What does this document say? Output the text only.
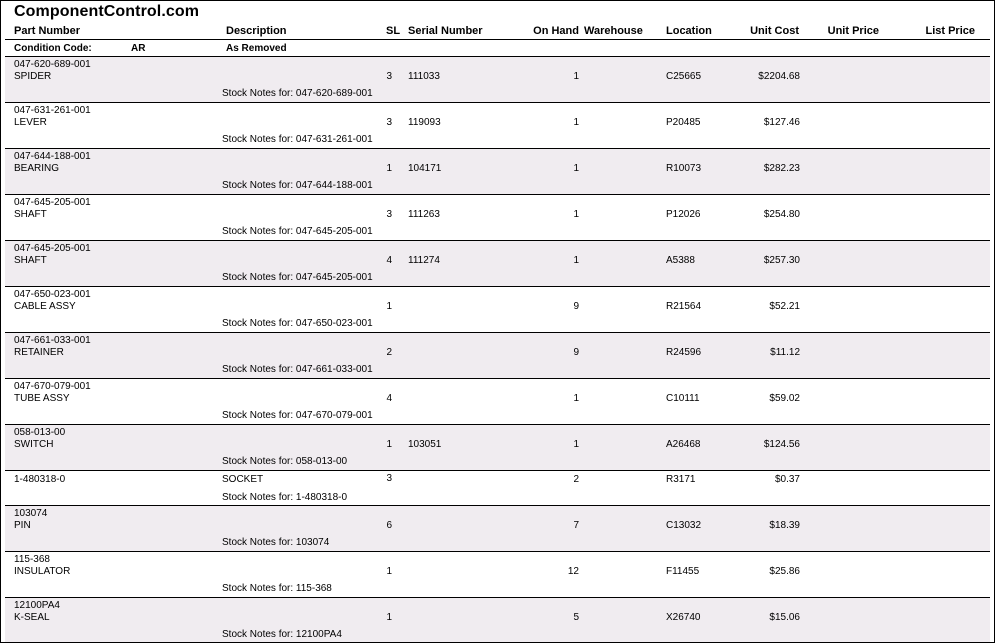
ComponentControl.com
Part Number	Description	SL Serial Number	On Hand Warehouse Location	Unit Cost	Unit Price	List Price
Condition Code:	AR	As Removed
047-620-689-001
SPIDER	3 111033	1	C25665	$2204.68
Stock Notes for: 047-620-689-001
047-631-261-001
LEVER	3 119093	1	P20485	$127.46
Stock Notes for: 047-631-261-001
047-644-188-001
BEARING	1 104171	1	R10073	$282.23
Stock Notes for: 047-644-188-001
047-645-205-001
SHAFT	3 111263	1	P12026	$254.80
Stock Notes for: 047-645-205-001
047-645-205-001
SHAFT	4 111274	1	A5388	$257.30
Stock Notes for: 047-645-205-001
047-650-023-001
CABLE ASSY	1	9	R21564	$52.21
Stock Notes for: 047-650-023-001
047-661-033-001
RETAINER	2	9	R24596	$11.12
Stock Notes for: 047-661-033-001
047-670-079-001
TUBE ASSY	4	1	C10111	$59.02
Stock Notes for: 047-670-079-001
058-013-00
SWITCH	1 103051	1	A26468	$124.56
Stock Notes for: 058-013-00
1-480318-0	SOCKET	3	2	R3171	$0.37
Stock Notes for: 1-480318-0
103074
PIN	6	7	C13032	$18.39
Stock Notes for: 103074
115-368
INSULATOR	1	12	F11455	$25.86
Stock Notes for: 115-368
12100PA4
K-SEAL	1	5	X26740	$15.06
Stock Notes for: 12100PA4
